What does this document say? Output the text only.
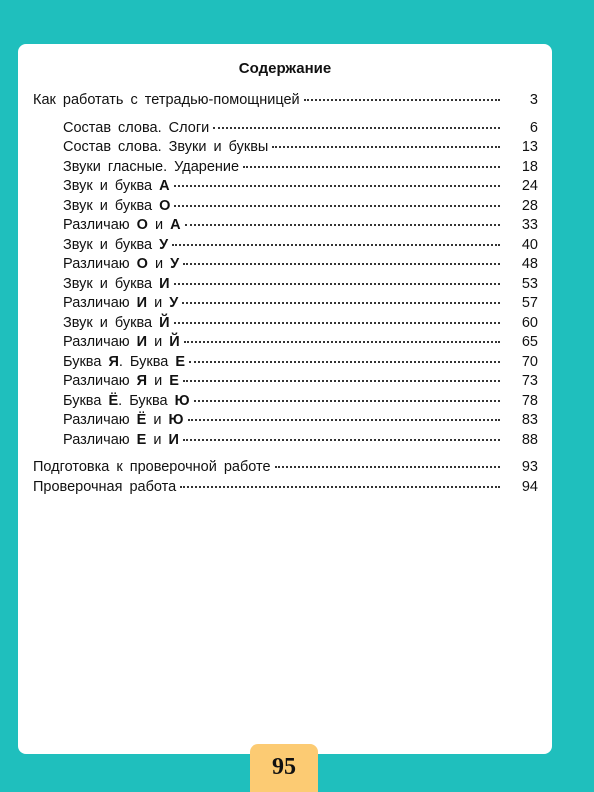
Содержание
Как работать с тетрадью-помощницей	3
Состав слова. Слоги	6
Состав слова. Звуки и буквы	13
Звуки гласные. Ударение	18
Звук и буква А	24
Звук и буква О	28
Различаю О и А	33
Звук и буква У	40
Различаю О и У	48
Звук и буква И	53
Различаю И и У	57
Звук и буква Й	60
Различаю И и Й	65
Буква Я. Буква Е	70
Различаю Я и Е	73
Буква Ё. Буква Ю	78
Различаю Ё и Ю	83
Различаю Е и И	88
Подготовка к проверочной работе	93
Проверочная работа	94
95
